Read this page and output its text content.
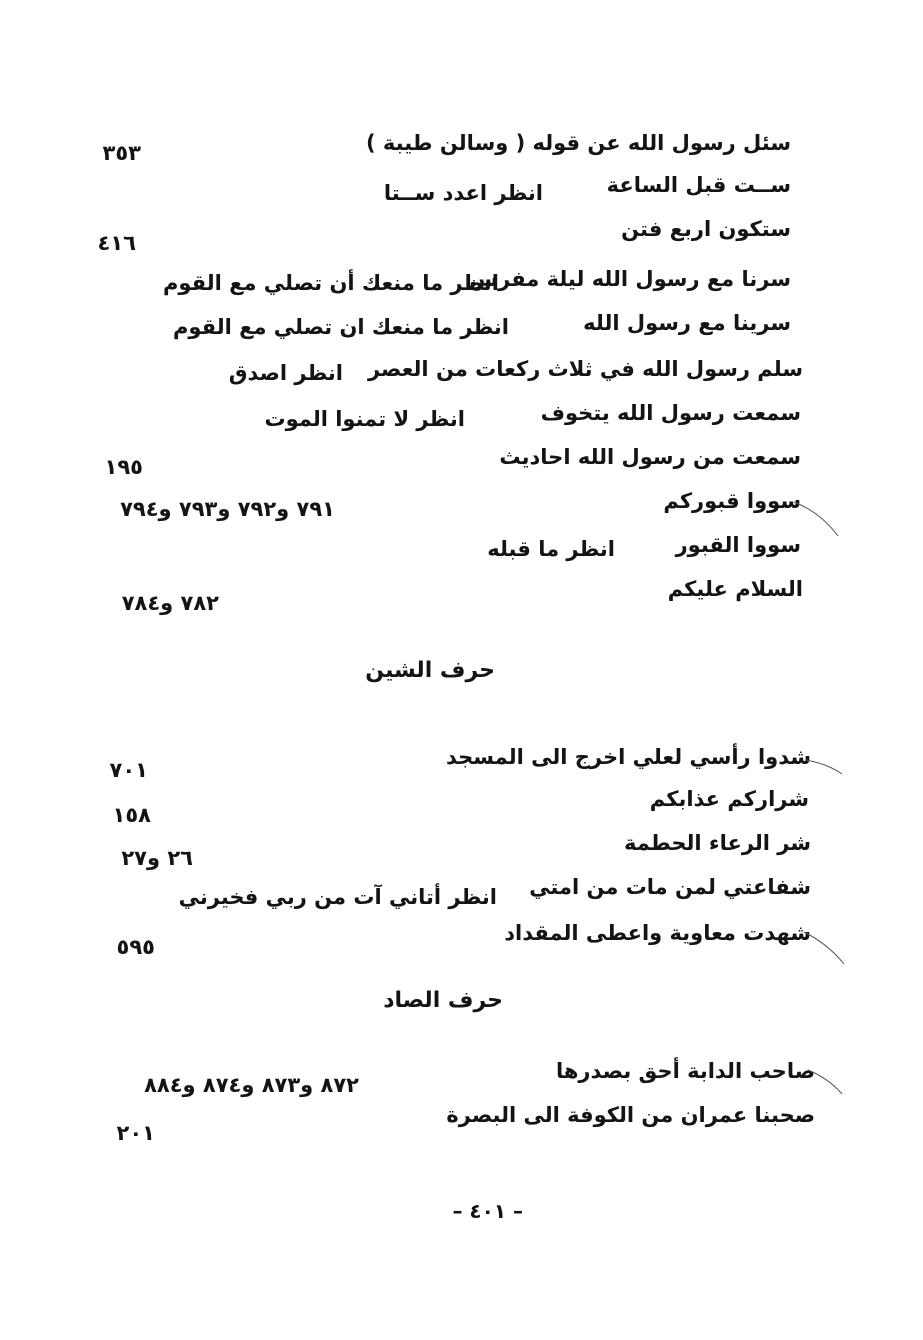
سئل رسول الله عن قوله ( وسالن طيبة )
٣٥٣
ســت قبل الساعة
انظر اعدد ســتا
ستكون اربع فتن
٤١٦
سرنا مع رسول الله ليلة مفرس
انظر ما منعك أن تصلي مع القوم
سرينا مع رسول الله
انظر ما منعك ان تصلي مع القوم
سلم رسول الله في ثلاث ركعات من العصر
انظر اصدق
سمعت رسول الله يتخوف
انظر لا تمنوا الموت
سمعت من رسول الله احاديث
١٩٥
سووا قبوركم
٧٩١ و٧٩٢ و٧٩٣ و٧٩٤
سووا القبور
انظر ما قبله
السلام عليكم
٧٨٢ و٧٨٤
حرف الشين
شدوا رأسي لعلي اخرج الى المسجد
٧٠١
شراركم عذابكم
١٥٨
شر الرعاء الحطمة
٢٦ و٢٧
شفاعتي لمن مات من امتي
انظر أتاني آت من ربي فخيرني
شهدت معاوية واعطى المقداد
٥٩٥
حرف الصاد
صاحب الدابة أحق بصدرها
٨٧٢ و٨٧٣ و٨٧٤ و٨٨٤
صحبنا عمران من الكوفة الى البصرة
٢٠١
– ٤٠١ –
